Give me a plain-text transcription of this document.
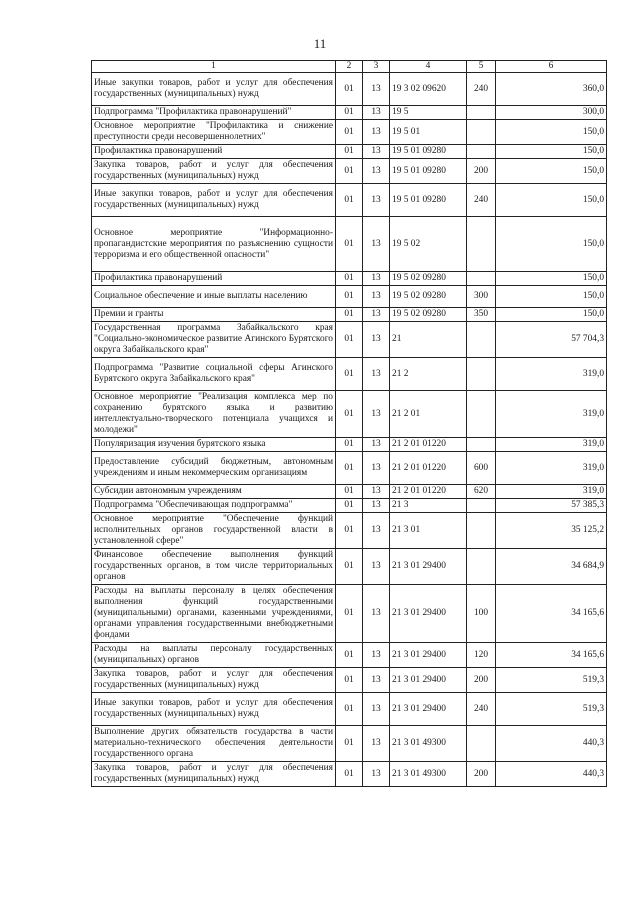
11
1	2	3	4	5	6
Иные закупки товаров, работ и услуг для обеспечения государственных (муниципальных) нужд	01	13	19 3 02 09620	240	360,0
Подпрограмма "Профилактика правонарушений"	01	13	19 5		300,0
Основное мероприятие "Профилактика и снижение преступности среди несовершеннолетних"	01	13	19 5 01		150,0
Профилактика правонарушений	01	13	19 5 01 09280		150,0
Закупка товаров, работ и услуг для обеспечения государственных (муниципальных) нужд	01	13	19 5 01 09280	200	150,0
Иные закупки товаров, работ и услуг для обеспечения государственных (муниципальных) нужд	01	13	19 5 01 09280	240	150,0
Основное мероприятие "Информационно-пропагандистские мероприятия по разъяснению сущности терроризма и его общественной опасности"	01	13	19 5 02		150,0
Профилактика правонарушений	01	13	19 5 02 09280		150,0
Социальное обеспечение и иные выплаты населению	01	13	19 5 02 09280	300	150,0
Премии и гранты	01	13	19 5 02 09280	350	150,0
Государственная программа Забайкальского края "Социально-экономическое развитие Агинского Бурятского округа Забайкальского края"	01	13	21		57 704,3
Подпрограмма "Развитие социальной сферы Агинского Бурятского округа Забайкальского края"	01	13	21 2		319,0
Основное мероприятие "Реализация комплекса мер по сохранению бурятского языка и развитию интеллектуально-творческого потенциала учащихся и молодежи"	01	13	21 2 01		319,0
Популяризация изучения бурятского языка	01	13	21 2 01 01220		319,0
Предоставление субсидий бюджетным, автономным учреждениям и иным некоммерческим организациям	01	13	21 2 01 01220	600	319,0
Субсидии автономным учреждениям	01	13	21 2 01 01220	620	319,0
Подпрограмма "Обеспечивающая подпрограмма"	01	13	21 3		57 385,3
Основное мероприятие "Обеспечение функций исполнительных органов государственной власти в установленной сфере"	01	13	21 3 01		35 125,2
Финансовое обеспечение выполнения функций государственных органов, в том числе территориальных органов	01	13	21 3 01 29400		34 684,9
Расходы на выплаты персоналу в целях обеспечения выполнения функций государственными (муниципальными) органами, казенными учреждениями, органами управления государственными внебюджетными фондами	01	13	21 3 01 29400	100	34 165,6
Расходы на выплаты персоналу государственных (муниципальных) органов	01	13	21 3 01 29400	120	34 165,6
Закупка товаров, работ и услуг для обеспечения государственных (муниципальных) нужд	01	13	21 3 01 29400	200	519,3
Иные закупки товаров, работ и услуг для обеспечения государственных (муниципальных) нужд	01	13	21 3 01 29400	240	519,3
Выполнение других обязательств государства в части материально-технического обеспечения деятельности государственного органа	01	13	21 3 01 49300		440,3
Закупка товаров, работ и услуг для обеспечения государственных (муниципальных) нужд	01	13	21 3 01 49300	200	440,3
